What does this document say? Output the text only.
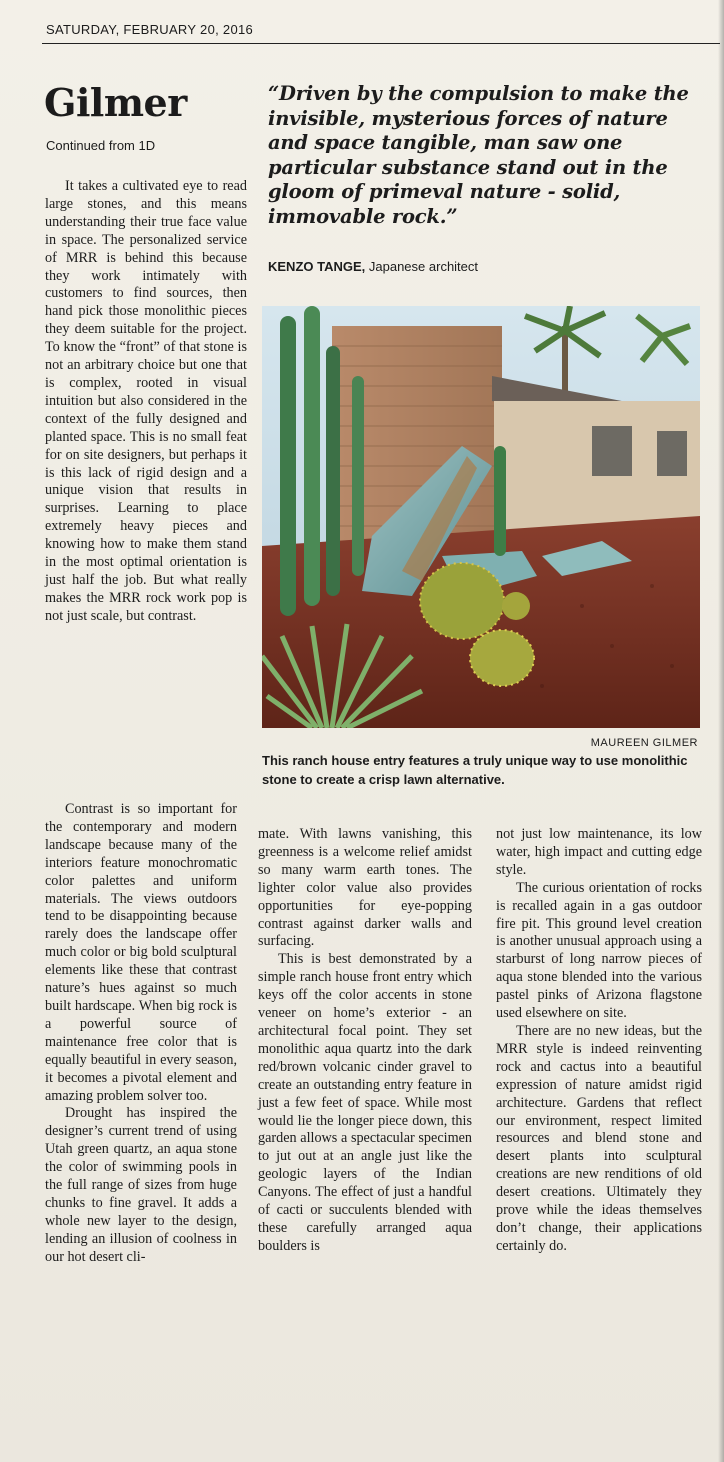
SATURDAY, FEBRUARY 20, 2016
Gilmer
Continued from 1D
“Driven by the compulsion to make the invisible, mysterious forces of nature and space tangible, man saw one particular substance stand out in the gloom of primeval nature - solid, immovable rock.”
KENZO TANGE, Japanese architect
MAUREEN GILMER
This ranch house entry features a truly unique way to use monolithic stone to create a crisp lawn alternative.

It takes a cultivated eye to read large stones, and this means understanding their true face value in space. The personalized service of MRR is behind this because they work intimately with customers to find sources, then hand pick those monolithic pieces they deem suitable for the project. To know the “front” of that stone is not an arbitrary choice but one that is complex, rooted in visual intuition but also considered in the context of the fully designed and planted space. This is no small feat for on site designers, but perhaps it is this lack of rigid design and a unique vision that results in surprises. Learning to place extremely heavy pieces and knowing how to make them stand in the most optimal orientation is just half the job. But what really makes the MRR rock work pop is not just scale, but contrast.

Contrast is so important for the contemporary and modern landscape because many of the interiors feature monochromatic color palettes and uniform materials. The views outdoors tend to be disappointing because rarely does the landscape offer much color or big bold sculptural elements like these that contrast nature’s hues against so much built hardscape. When big rock is a powerful source of maintenance free color that is equally beautiful in every season, it becomes a pivotal element and amazing problem solver too.

Drought has inspired the designer’s current trend of using Utah green quartz, an aqua stone the color of swimming pools in the full range of sizes from huge chunks to fine gravel. It adds a whole new layer to the design, lending an illusion of coolness in our hot desert cli-

mate. With lawns vanishing, this greenness is a welcome relief amidst so many warm earth tones. The lighter color value also provides opportunities for eye-popping contrast against darker walls and surfacing.

This is best demonstrated by a simple ranch house front entry which keys off the color accents in stone veneer on home’s exterior - an architectural focal point. They set monolithic aqua quartz into the dark red/brown volcanic cinder gravel to create an outstanding entry feature in just a few feet of space. While most would lie the longer piece down, this garden allows a spectacular specimen to jut out at an angle just like the geologic layers of the Indian Canyons. The effect of just a handful of cacti or succulents blended with these carefully arranged aqua boulders is

not just low maintenance, its low water, high impact and cutting edge style.

The curious orientation of rocks is recalled again in a gas outdoor fire pit. This ground level creation is another unusual approach using a starburst of long narrow pieces of aqua stone blended into the various pastel pinks of Arizona flagstone used elsewhere on site.

There are no new ideas, but the MRR style is indeed reinventing rock and cactus into a beautiful expression of nature amidst rigid architecture. Gardens that reflect our environment, respect limited resources and blend stone and desert plants into sculptural creations are new renditions of old desert creations. Ultimately they prove while the ideas themselves don’t change, their applications certainly do.
